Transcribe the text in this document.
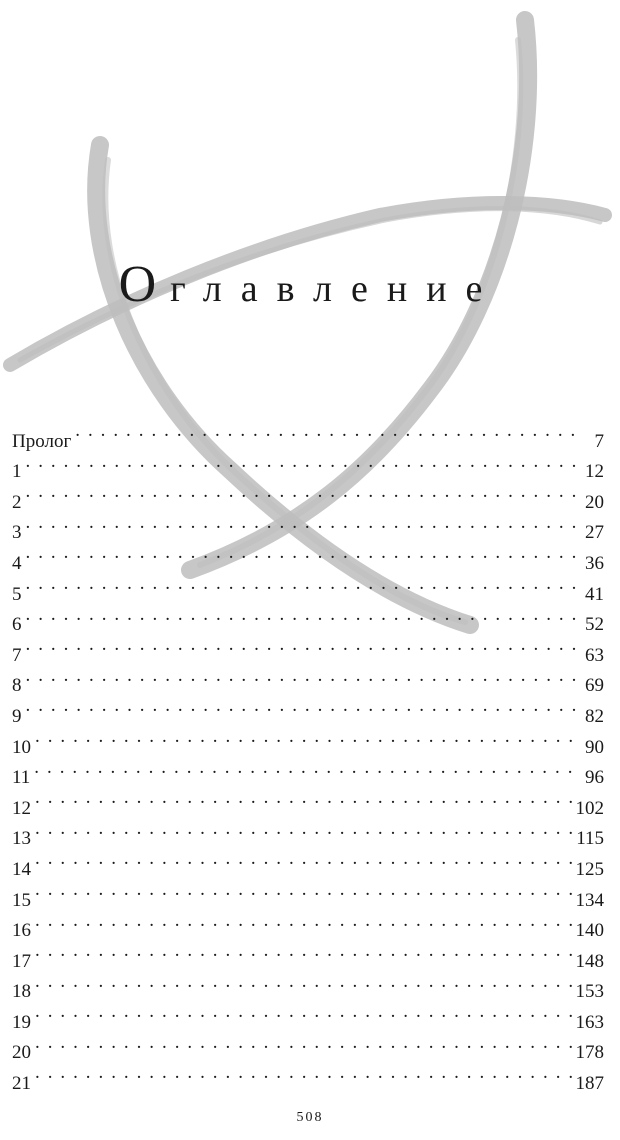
Оглавление
Пролог . . .	7
1 . . .	12
2 . . .	20
3 . . .	27
4 . . .	36
5 . . .	41
6 . . .	52
7 . . .	63
8 . . .	69
9 . . .	82
10 . . .	90
11 . . .	96
12 . . .	102
13 . . .	115
14 . . .	125
15 . . .	134
16 . . .	140
17 . . .	148
18 . . .	153
19 . . .	163
20 . . .	178
21 . . .	187
508
